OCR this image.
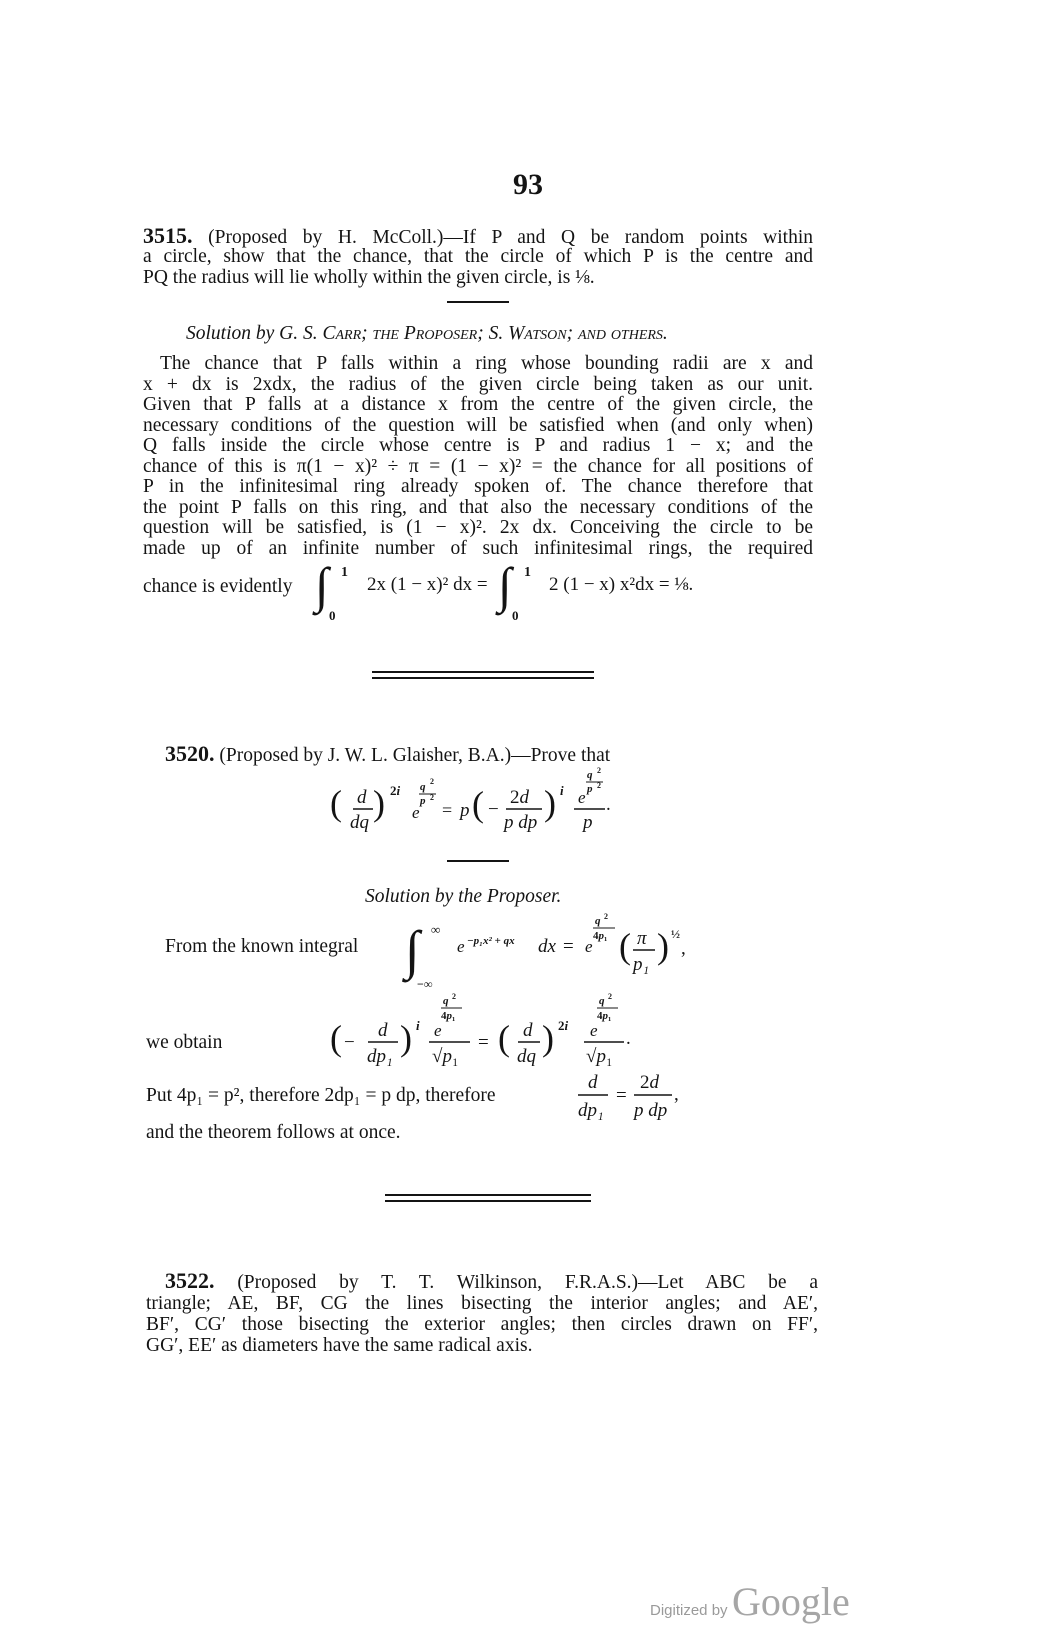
93
3515. (Proposed by H. McColl.)—If P and Q be random points within
a circle, show that the chance, that the circle of which P is the centre and
PQ the radius will lie wholly within the given circle, is ⅛.
Solution by G. S. Carr; the Proposer; S. Watson; and others.
The chance that P falls within a ring whose bounding radii are x and
x + dx is 2xdx, the radius of the given circle being taken as our unit.
Given that P falls at a distance x from the centre of the given circle, the
necessary conditions of the question will be satisfied when (and only when)
Q falls inside the circle whose centre is P and radius 1 − x; and the
chance of this is π(1 − x)² ÷ π = (1 − x)² = the chance for all positions of
P in the infinitesimal ring already spoken of. The chance therefore that
the point P falls on this ring, and that also the necessary conditions of the
question will be satisfied, is (1 − x)². 2x dx. Conceiving the circle to be
made up of an infinite number of such infinitesimal rings, the required
chance is evidently ∫ 1
0
2x (1 − x)² dx = ∫ 1
0
2 (1 − x) x²dx = ⅛.
3520. (Proposed by J. W. L. Glaisher, B.A.)—Prove that
( d
dq ) 2i
e
q 2
p 2
= p ( −
2d
p dp ) i e
q 2
p 2
p
.
Solution by the Proposer.
From the known integral ∫ ∞
−∞
e −p₁x² + qx dx = e
q 2
4p₁ ( π
p₁ ) ½
,
we obtain	( −
d
dp₁ ) i e
q 2
4p₁
√p₁
= ( d
dq ) 2i e
q 2
4p₁
√p₁
.
Put 4p₁ = p², therefore 2dp₁ = p dp, therefore
d
dp₁
=
2d
p dp
,
and the theorem follows at once.
3522. (Proposed by T. T. Wilkinson, F.R.A.S.)—Let ABC be a
triangle; AE, BF, CG the lines bisecting the interior angles; and AE′,
BF′, CG′ those bisecting the exterior angles; then circles drawn on FF′,
GG′, EE′ as diameters have the same radical axis.
Digitized by Google
